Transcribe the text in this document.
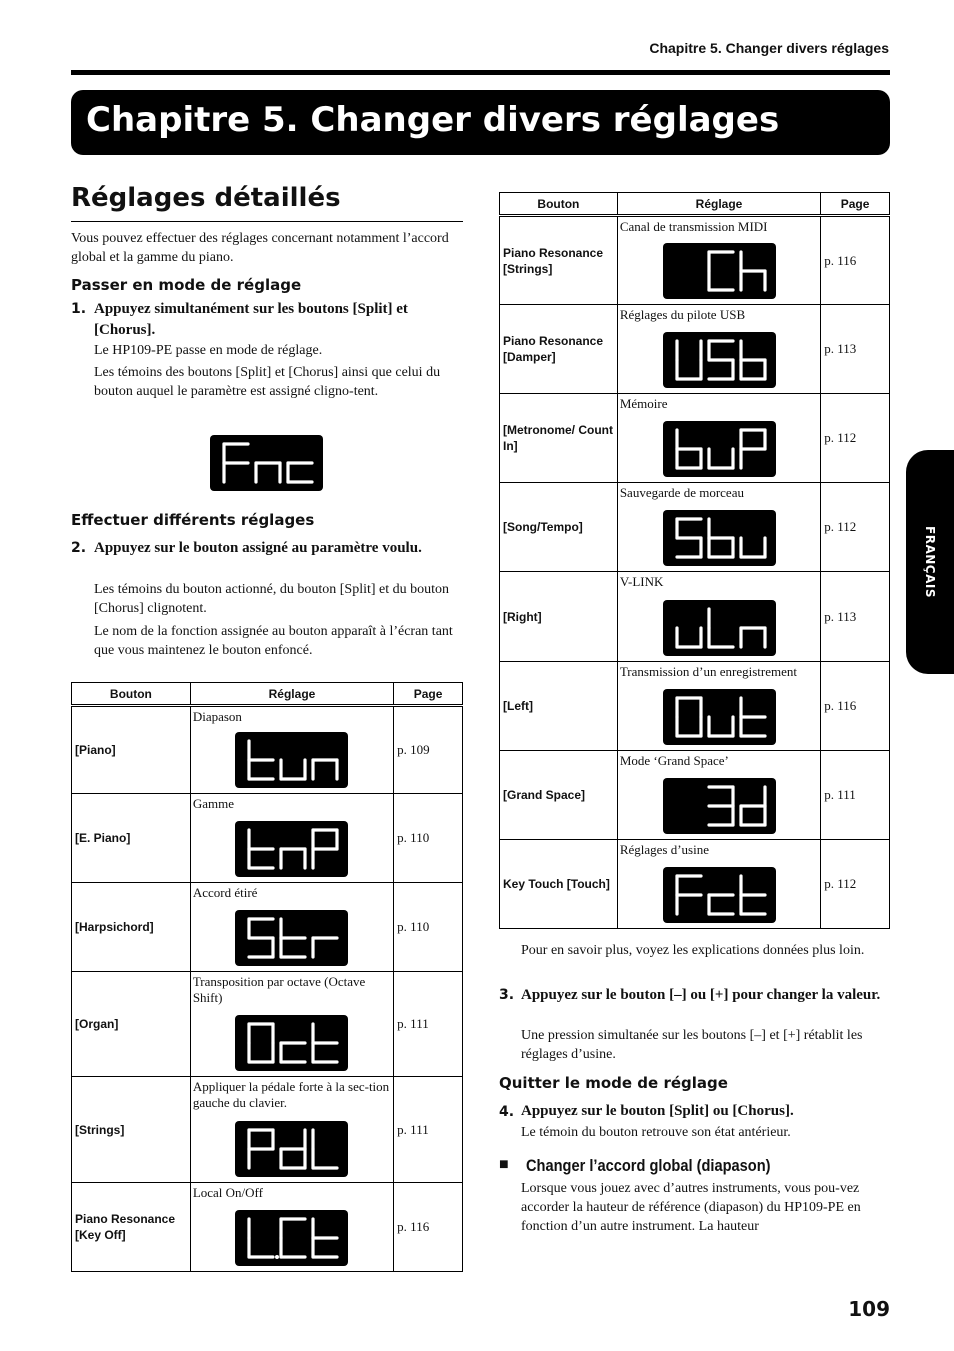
Chapitre 5. Changer divers réglages
Chapitre 5. Changer divers réglages
FRANÇAIS
Réglages détaillés
Vous pouvez effectuer des réglages concernant notamment l’accord global et la gamme du piano.
Passer en mode de réglage
1. Appuyez simultanément sur les boutons [Split] et [Chorus].
Le HP109-PE passe en mode de réglage.
Les témoins des boutons [Split] et [Chorus] ainsi que celui du bouton auquel le paramètre est assigné cligno-tent.
Effectuer différents réglages
2. Appuyez sur le bouton assigné au paramètre voulu.
Les témoins du bouton actionné, du bouton [Split] et du bouton [Chorus] clignotent.
Le nom de la fonction assignée au bouton apparaît à l’écran tant que vous maintenez le bouton enfoncé.
Bouton	Réglage	Page
[Piano]	Diapason	p. 109
[E. Piano]	Gamme	p. 110
[Harpsichord]	Accord étiré	p. 110
[Organ]	Transposition par octave (Octave Shift)	p. 111
[Strings]	Appliquer la pédale forte à la sec-tion gauche du clavier.	p. 111
Piano Resonance [Key Off]	Local On/Off	p. 116
Bouton	Réglage	Page
Piano Resonance [Strings]	Canal de transmission MIDI	p. 116
Piano Resonance [Damper]	Réglages du pilote USB	p. 113
[Metronome/ Count In]	Mémoire	p. 112
[Song/Tempo]	Sauvegarde de morceau	p. 112
[Right]	V-LINK	p. 113
[Left]	Transmission d’un enregistrement	p. 116
[Grand Space]	Mode ‘Grand Space’	p. 111
Key Touch [Touch]	Réglages d’usine	p. 112
Pour en savoir plus, voyez les explications données plus loin.
3. Appuyez sur le bouton [–] ou [+] pour changer la valeur.
Une pression simultanée sur les boutons [–] et [+] rétablit les réglages d’usine.
Quitter le mode de réglage
4. Appuyez sur le bouton [Split] ou [Chorus].
Le témoin du bouton retrouve son état antérieur.
■ Changer l’accord global (diapason)
Lorsque vous jouez avec d’autres instruments, vous pou-vez accorder la hauteur de référence (diapason) du HP109-PE en fonction d’un autre instrument. La hauteur
109
